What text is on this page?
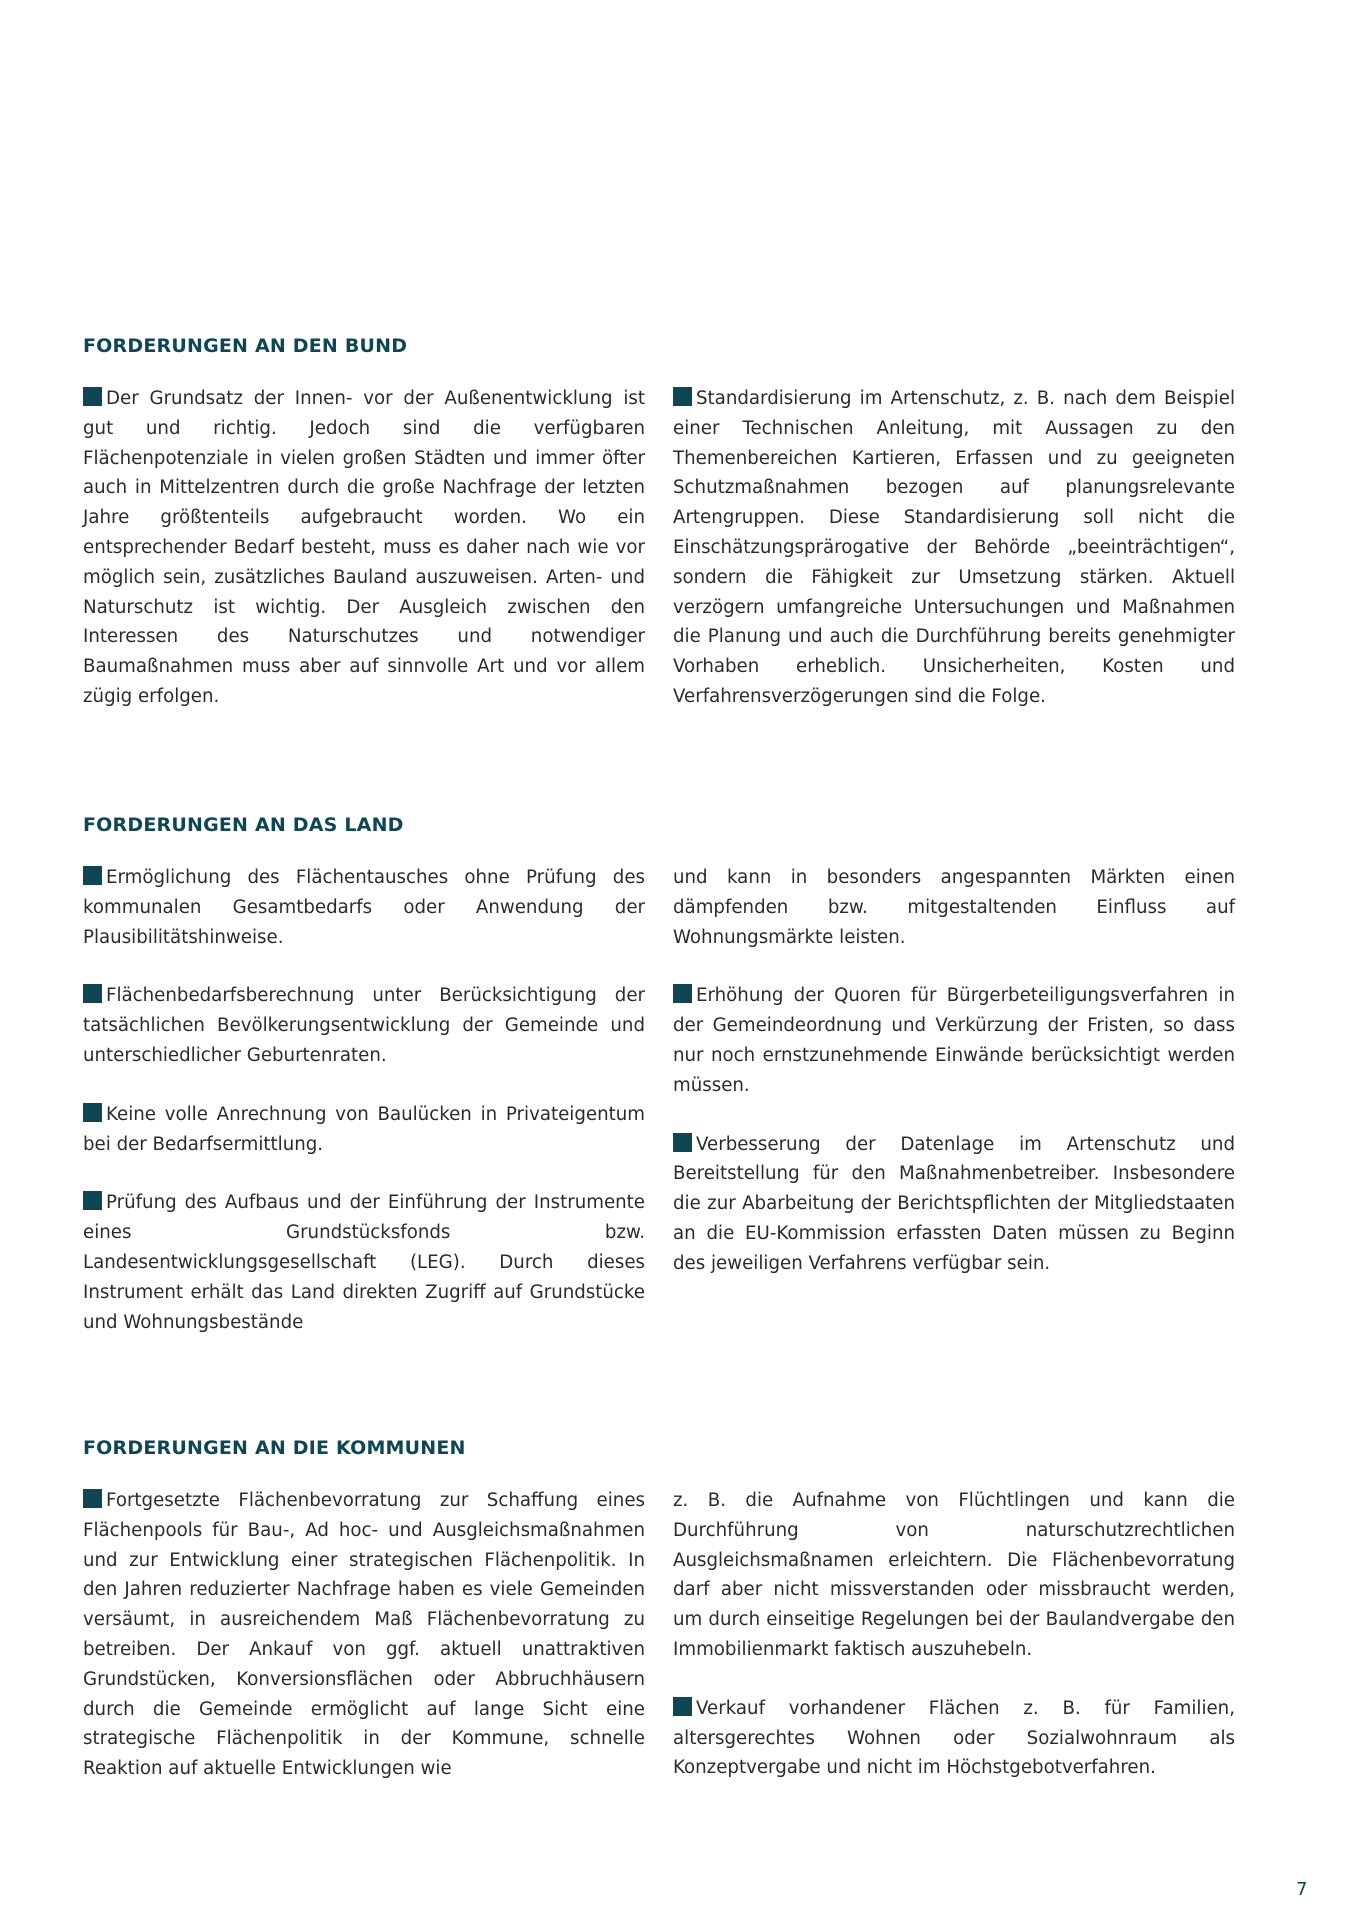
FORDERUNGEN AN DEN BUND

Der Grundsatz der Innen- vor der Außenentwicklung ist gut und richtig. Jedoch sind die verfügbaren Flächenpotenziale in vielen großen Städten und immer öfter auch in Mittelzentren durch die große Nachfrage der letzten Jahre größtenteils aufgebraucht worden. Wo ein entsprechender Bedarf besteht, muss es daher nach wie vor möglich sein, zusätzliches Bauland auszuweisen. Arten- und Naturschutz ist wichtig. Der Ausgleich zwischen den Interessen des Naturschutzes und notwendiger Baumaßnahmen muss aber auf sinnvolle Art und vor allem zügig erfolgen.

Standardisierung im Artenschutz, z. B. nach dem Beispiel einer Technischen Anleitung, mit Aussagen zu den Themenbereichen Kartieren, Erfassen und zu geeigneten Schutzmaßnahmen bezogen auf planungsrelevante Artengruppen. Diese Standardisierung soll nicht die Einschätzungsprärogative der Behörde „beeinträchtigen“, sondern die Fähigkeit zur Umsetzung stärken. Aktuell verzögern umfangreiche Untersuchungen und Maßnahmen die Planung und auch die Durchführung bereits genehmigter Vorhaben erheblich. Unsicherheiten, Kosten und Verfahrensverzögerungen sind die Folge.

FORDERUNGEN AN DAS LAND

Ermöglichung des Flächentausches ohne Prüfung des kommunalen Gesamtbedarfs oder Anwendung der Plausibilitätshinweise.

Flächenbedarfsberechnung unter Berücksichtigung der tatsächlichen Bevölkerungsentwicklung der Gemeinde und unterschiedlicher Geburtenraten.

Keine volle Anrechnung von Baulücken in Privateigentum bei der Bedarfsermittlung.

Prüfung des Aufbaus und der Einführung der Instrumente eines Grundstücksfonds bzw. Landesentwicklungsgesellschaft (LEG). Durch dieses Instrument erhält das Land direkten Zugriff auf Grundstücke und Wohnungsbestände

und kann in besonders angespannten Märkten einen dämpfenden bzw. mitgestaltenden Einfluss auf Wohnungsmärkte leisten.

Erhöhung der Quoren für Bürgerbeteiligungsverfahren in der Gemeindeordnung und Verkürzung der Fristen, so dass nur noch ernstzunehmende Einwände berücksichtigt werden müssen.

Verbesserung der Datenlage im Artenschutz und Bereitstellung für den Maßnahmenbetreiber. Insbesondere die zur Abarbeitung der Berichtspflichten der Mitgliedstaaten an die EU-Kommission erfassten Daten müssen zu Beginn des jeweiligen Verfahrens verfügbar sein.

FORDERUNGEN AN DIE KOMMUNEN

Fortgesetzte Flächenbevorratung zur Schaffung eines Flächenpools für Bau-, Ad hoc- und Ausgleichsmaßnahmen und zur Entwicklung einer strategischen Flächenpolitik. In den Jahren reduzierter Nachfrage haben es viele Gemeinden versäumt, in ausreichendem Maß Flächenbevorratung zu betreiben. Der Ankauf von ggf. aktuell unattraktiven Grundstücken, Konversionsflächen oder Abbruchhäusern durch die Gemeinde ermöglicht auf lange Sicht eine strategische Flächenpolitik in der Kommune, schnelle Reaktion auf aktuelle Entwicklungen wie

z. B. die Aufnahme von Flüchtlingen und kann die Durchführung von naturschutzrechtlichen Ausgleichsmaßnamen erleichtern. Die Flächenbevorratung darf aber nicht missverstanden oder missbraucht werden, um durch einseitige Regelungen bei der Baulandvergabe den Immobilienmarkt faktisch auszuhebeln.

Verkauf vorhandener Flächen z. B. für Familien, altersgerechtes Wohnen oder Sozialwohnraum als Konzeptvergabe und nicht im Höchstgebotverfahren.

7
